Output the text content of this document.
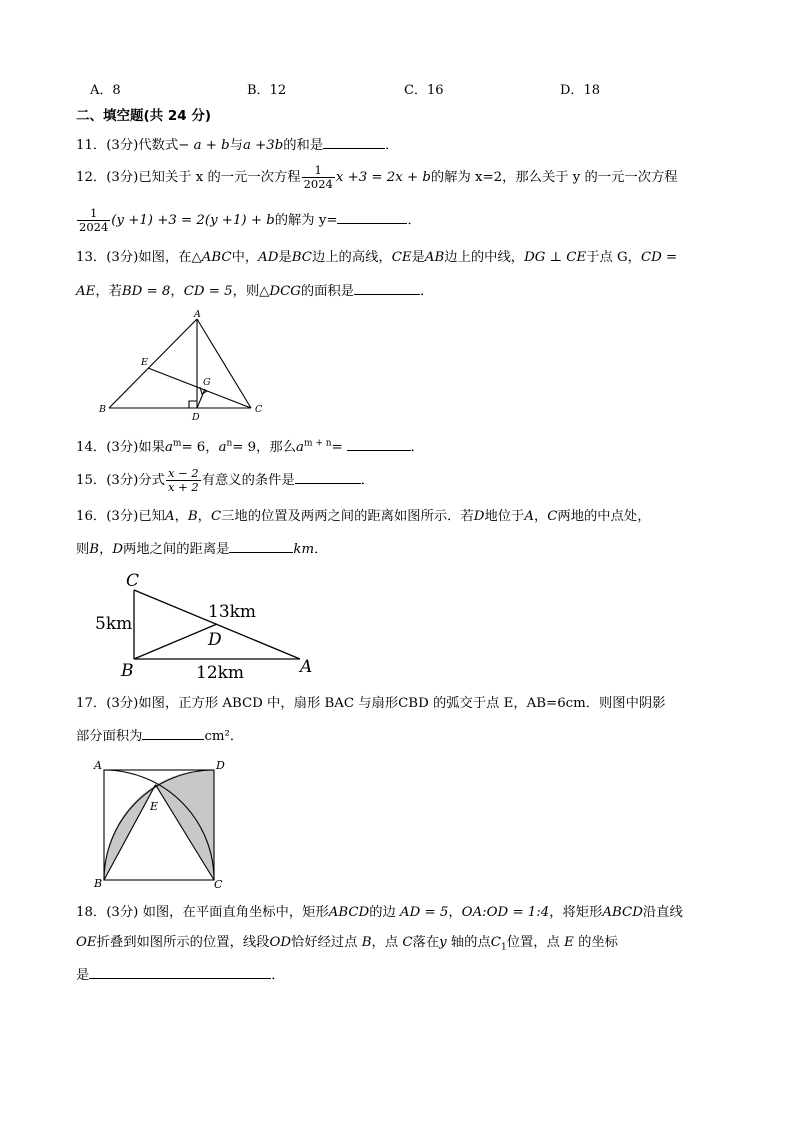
A．8	B．12	C．16	D．18
二、填空题(共 24 分)
11．(3分)代数式− a + b与a +3b的和是	．
12．(3分)已知关于 x 的一元一次方程 $\frac{1}{2024}$ x +3 = 2x + b的解为 x=2，那么关于 y 的一元一次方程
$\frac{1}{2024} (y +1) +3 = 2(y +1) + b$的解为 y=	．
13．(3分)如图，在△ABC中，AD是BC边上的高线，CE是AB边上的中线，DG ⊥ CE于点 G，CD =
AE，若BD = 8，CD = 5，则△DCG的面积是	．
A
B	C
D
E
G
14．(3分)如果$a^m= 6$，$a^n= 9$，那么$a^{m + n}=$	．
15．(3分)分式 $\frac{x - 2}{x + 2}$ 有意义的条件是	．
16．(3分)已知A，B，C三地的位置及两两之间的距离如图所示．若D地位于A，C两地的中点处，
则B，D两地之间的距离是	km．
C
B	A
D
5km
13km
12km
17．(3分)如图，正方形 ABCD 中，扇形 BAC 与扇形CBD 的弧交于点 E，AB=6cm．则图中阴影
部分面积为	cm²．
A	D
B	C
E
18．(3分) 如图，在平面直角坐标中，矩形ABCD的边 AD = 5，OA:OD = 1:4，将矩形ABCD沿直线
OE折叠到如图所示的位置，线段OD恰好经过点 B，点 C落在y 轴的点$C_1$位置，点 E 的坐标
是	．
